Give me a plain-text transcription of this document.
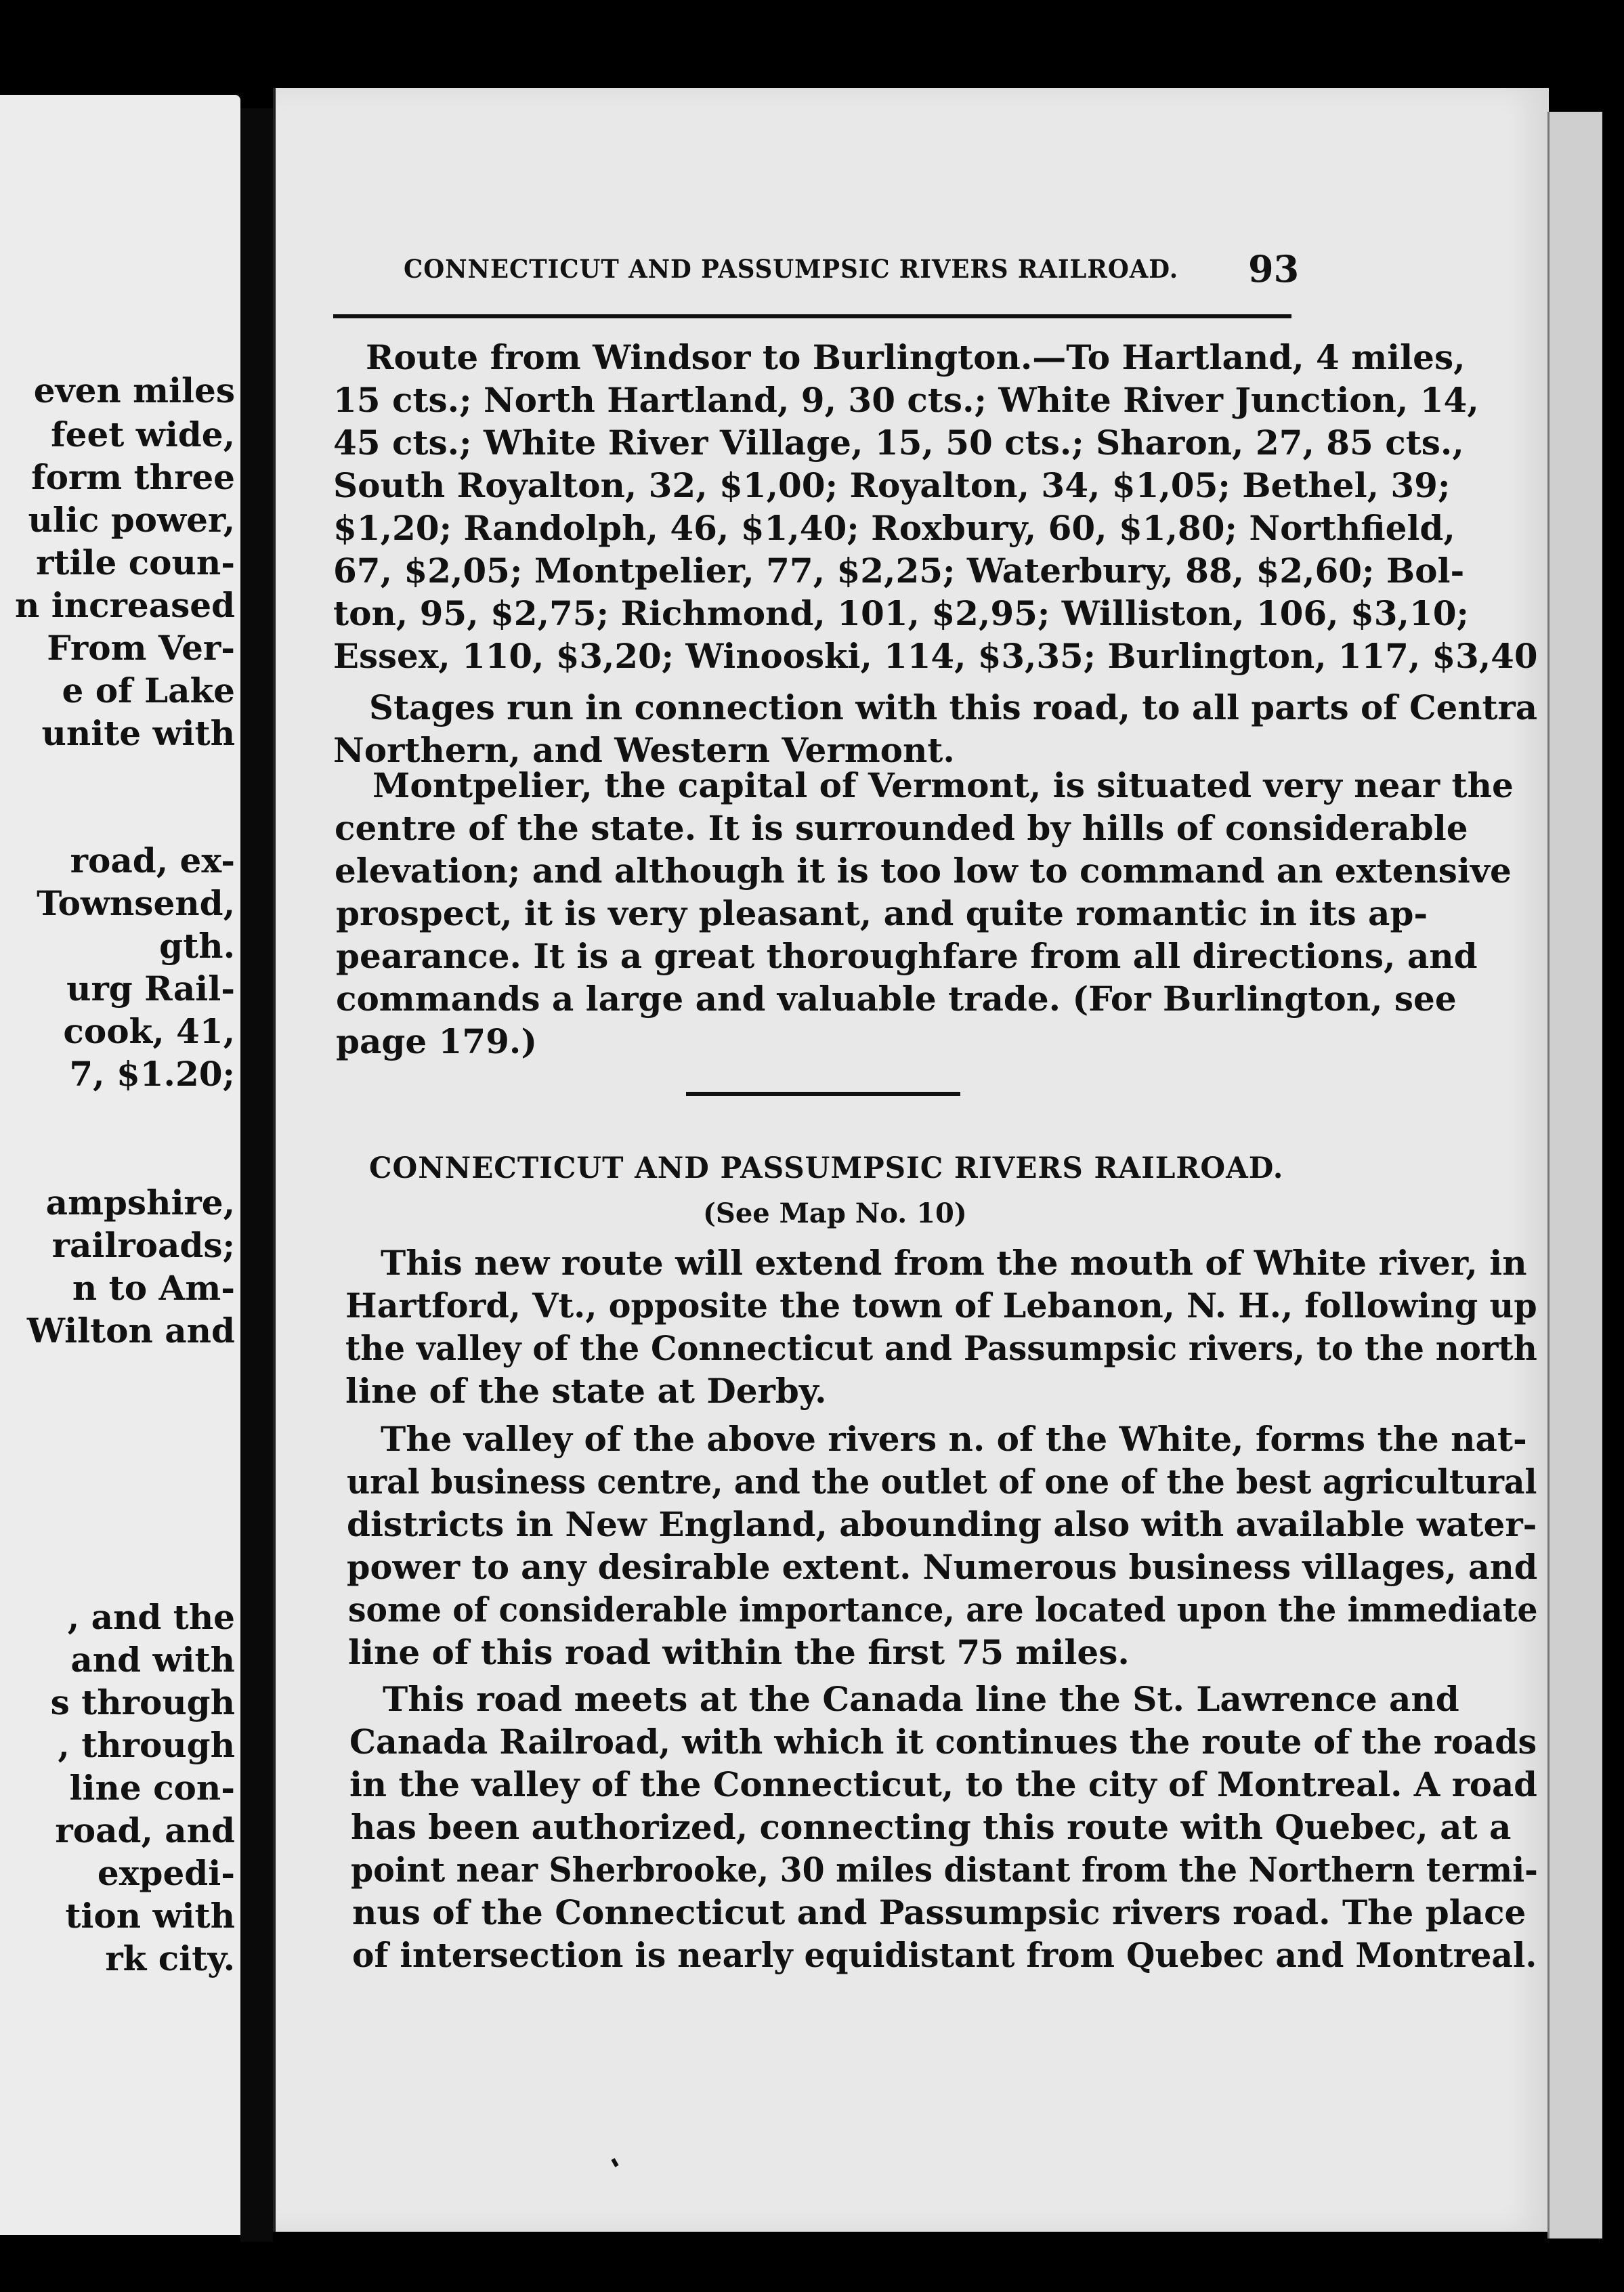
even miles
feet wide,
form three
ulic power,
rtile coun-
n increased
From Ver-
e of Lake
unite with
road, ex-
Townsend,
gth.
urg Rail-
cook, 41,
7, $1.20;
ampshire,
railroads;
n to Am-
Wilton and
, and the
and with
s through
, through
line con-
road, and
expedi-
tion with
rk city.
CONNECTICUT AND PASSUMPSIC RIVERS RAILROAD.	93
Route from Windsor to Burlington.—To Hartland, 4 miles,
15 cts.; North Hartland, 9, 30 cts.; White River Junction, 14,
45 cts.; White River Village, 15, 50 cts.; Sharon, 27, 85 cts.,
South Royalton, 32, $1,00; Royalton, 34, $1,05; Bethel, 39;
$1,20; Randolph, 46, $1,40; Roxbury, 60, $1,80; Northfield,
67, $2,05; Montpelier, 77, $2,25; Waterbury, 88, $2,60; Bol-
ton, 95, $2,75; Richmond, 101, $2,95; Williston, 106, $3,10;
Essex, 110, $3,20; Winooski, 114, $3,35; Burlington, 117, $3,40
Stages run in connection with this road, to all parts of Centra
Northern, and Western Vermont.
Montpelier, the capital of Vermont, is situated very near the
centre of the state. It is surrounded by hills of considerable
elevation; and although it is too low to command an extensive
prospect, it is very pleasant, and quite romantic in its ap-
pearance. It is a great thoroughfare from all directions, and
commands a large and valuable trade. (For Burlington, see
page 179.)
CONNECTICUT AND PASSUMPSIC RIVERS RAILROAD.
(See Map No. 10)
This new route will extend from the mouth of White river, in
Hartford, Vt., opposite the town of Lebanon, N. H., following up
the valley of the Connecticut and Passumpsic rivers, to the north
line of the state at Derby.
The valley of the above rivers n. of the White, forms the nat-
ural business centre, and the outlet of one of the best agricultural
districts in New England, abounding also with available water-
power to any desirable extent. Numerous business villages, and
some of considerable importance, are located upon the immediate
line of this road within the first 75 miles.
This road meets at the Canada line the St. Lawrence and
Canada Railroad, with which it continues the route of the roads
in the valley of the Connecticut, to the city of Montreal. A road
has been authorized, connecting this route with Quebec, at a
point near Sherbrooke, 30 miles distant from the Northern termi-
nus of the Connecticut and Passumpsic rivers road. The place
of intersection is nearly equidistant from Quebec and Montreal.
